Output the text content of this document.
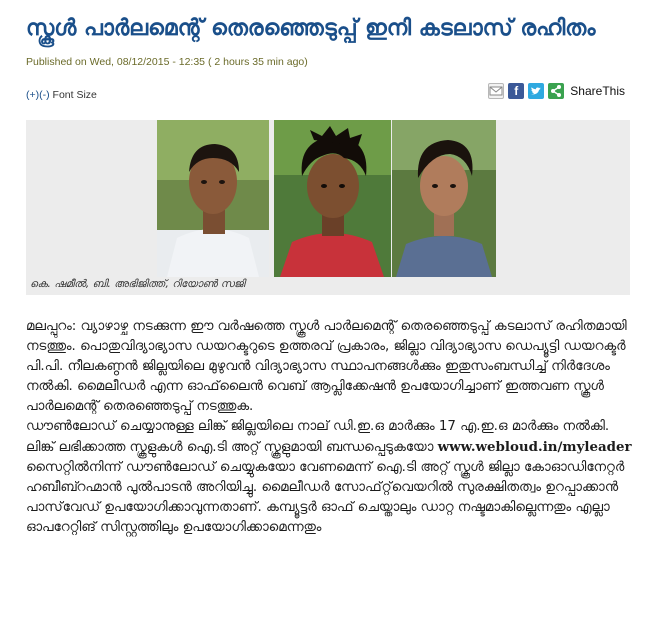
സ്കൂൾ പാർലമെന്റ് തെരഞ്ഞെടുപ്പ് ഇനി കടലാസ് രഹിതം
Published on Wed, 08/12/2015 - 12:35 ( 2 hours 35 min ago)
(+)(-) Font Size	f	ShareThis
കെ. ഷമീൽ, ബി. അഭിജിത്ത്, റിയോൺ സജി

മലപ്പുറം: വ്യാഴാഴ്ച നടക്കുന്ന ഈ വർഷത്തെ സ്കൂൾ പാർലമെന്റ് തെരഞ്ഞെടുപ്പ് കടലാസ് രഹിതമായി നടത്തും. പൊതുവിദ്യാഭ്യാസ ഡയറക്ടറുടെ ഉത്തരവ് പ്രകാരം, ജില്ലാ വിദ്യാഭ്യാസ ഡെപ്യൂട്ടി ഡയറക്ടർ പി.പി. നീലകണ്ഠൻ ജില്ലയിലെ മുഴുവൻ വിദ്യാഭ്യാസ സ്ഥാപനങ്ങൾക്കും ഇതുസംബന്ധിച്ച് നിർദേശം നൽകി. മൈലീഡർ എന്ന ഓഫ്‌ലൈൻ വെബ് ആപ്ലിക്കേഷൻ ഉപയോഗിച്ചാണ് ഇത്തവണ സ്കൂൾ പാർലമെന്റ് തെരഞ്ഞെടുപ്പ് നടത്തുക.

ഡൗൺലോഡ് ചെയ്യാനുള്ള ലിങ്ക് ജില്ലയിലെ നാല് ഡി.ഇ.ഒ മാർക്കും 17 എ.ഇ.ഒ മാർക്കും നൽകി. ലിങ്ക് ലഭിക്കാത്ത സ്കൂളുകൾ ഐ.ടി അറ്റ് സ്കൂളുമായി ബന്ധപ്പെടുകയോ www.webloud.in/myleader സൈറ്റിൽനിന്ന് ഡൗൺലോഡ് ചെയ്യുകയോ വേണമെന്ന് ഐ.ടി അറ്റ് സ്കൂൾ ജില്ലാ കോഓഡിനേറ്റർ ഹബീബ്റഹ്മാൻ പുൽപാടൻ അറിയിച്ചു. മൈലീഡർ സോഫ്‌റ്റ്‌വെയറിൽ സുരക്ഷിതത്വം ഉറപ്പാക്കാൻ പാസ്‌വേഡ് ഉപയോഗിക്കാവുന്നതാണ്. കമ്പ്യൂട്ടർ ഓഫ് ചെയ്താലും ഡാറ്റ നഷ്ടമാകില്ലെന്നതും എല്ലാ ഓപറേറ്റിങ് സിസ്റ്റത്തിലും ഉപയോഗിക്കാമെന്നതും
